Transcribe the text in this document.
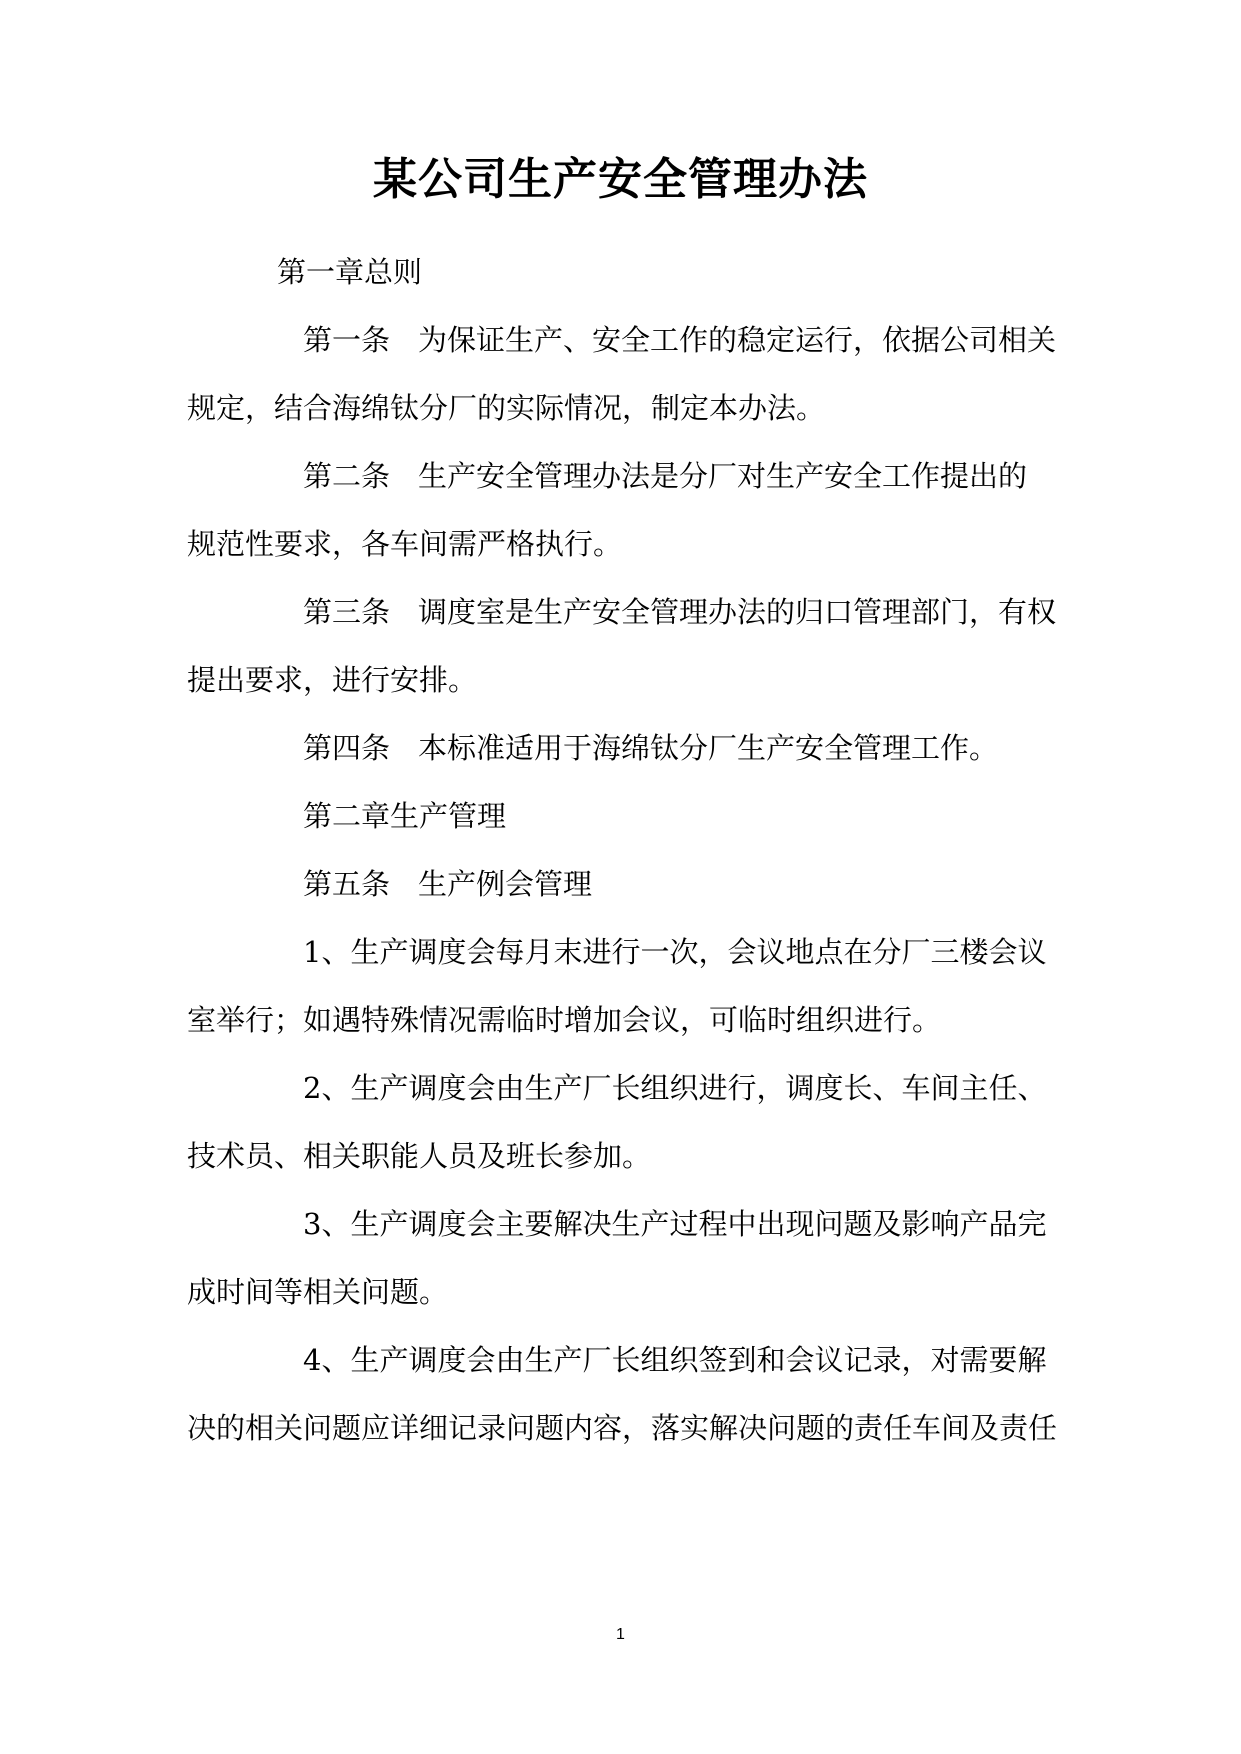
某公司生产安全管理办法
第一章总则
第一条 为保证生产、安全工作的稳定运行，依据公司相关
规定，结合海绵钛分厂的实际情况，制定本办法。
第二条 生产安全管理办法是分厂对生产安全工作提出的
规范性要求，各车间需严格执行。
第三条 调度室是生产安全管理办法的归口管理部门，有权
提出要求，进行安排。
第四条 本标准适用于海绵钛分厂生产安全管理工作。
第二章生产管理
第五条 生产例会管理
1、生产调度会每月末进行一次，会议地点在分厂三楼会议
室举行；如遇特殊情况需临时增加会议，可临时组织进行。
2、生产调度会由生产厂长组织进行，调度长、车间主任、
技术员、相关职能人员及班长参加。
3、生产调度会主要解决生产过程中出现问题及影响产品完
成时间等相关问题。
4、生产调度会由生产厂长组织签到和会议记录，对需要解
决的相关问题应详细记录问题内容，落实解决问题的责任车间及责任
1
